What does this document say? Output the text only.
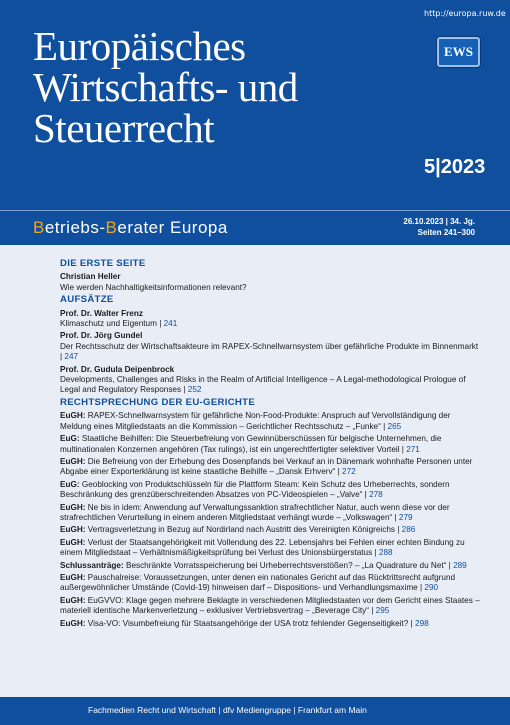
http://europa.ruw.de
EWS
Europäisches
Wirtschafts- und
Steuerrecht
5|2023
Betriebs-Berater Europa	26.10.2023 | 34. Jg.
Seiten 241–300
DIE ERSTE SEITE
Christian Heller
Wie werden Nachhaltigkeitsinformationen relevant?
AUFSÄTZE
Prof. Dr. Walter Frenz
Klimaschutz und Eigentum | 241
Prof. Dr. Jörg Gundel
Der Rechtsschutz der Wirtschaftsakteure im RAPEX-Schnellwarnsystem über gefährliche Produkte im Binnenmarkt | 247
Prof. Dr. Gudula Deipenbrock
Developments, Challenges and Risks in the Realm of Artificial Intelligence – A Legal-methodological Prologue of Legal and Regulatory Responses | 252
RECHTSPRECHUNG DER EU-GERICHTE
EuGH: RAPEX-Schnellwarnsystem für gefährliche Non-Food-Produkte: Anspruch auf Vervollständigung der Meldung eines Mitgliedstaats an die Kommission – Gerichtlicher Rechtsschutz – „Funke“ | 265
EuG: Staatliche Beihilfen: Die Steuerbefreiung von Gewinnüberschüssen für belgische Unternehmen, die multinationalen Konzernen angehören (Tax rulings), ist ein ungerechtfertigter selektiver Vorteil | 271
EuGH: Die Befreiung von der Erhebung des Dosenpfands bei Verkauf an in Dänemark wohnhafte Personen unter Abgabe einer Exporterklärung ist keine staatliche Beihilfe – „Dansk Erhverv“ | 272
EuG: Geoblocking von Produktschlüsseln für die Plattform Steam: Kein Schutz des Urheberrechts, sondern Beschränkung des grenzüberschreitenden Absatzes von PC-Videospielen – „Valve“ | 278
EuGH: Ne bis in idem: Anwendung auf Verwaltungssanktion strafrechtlicher Natur, auch wenn diese vor der strafrechtlichen Verurteilung in einem anderen Mitgliedstaat verhängt wurde – „Volkswagen“ | 279
EuGH: Vertragsverletzung in Bezug auf Nordirland nach Austritt des Vereinigten Königreichs | 286
EuGH: Verlust der Staatsangehörigkeit mit Vollendung des 22. Lebensjahrs bei Fehlen einer echten Bindung zu einem Mitgliedstaat – Verhältnismäßigkeitsprüfung bei Verlust des Unionsbürgerstatus | 288
Schlussanträge: Beschränkte Vorratsspeicherung bei Urheberrechtsverstößen? – „La Quadrature du Net“ | 289
EuGH: Pauschalreise: Voraussetzungen, unter denen ein nationales Gericht auf das Rücktrittsrecht aufgrund außergewöhnlicher Umstände (Covid-19) hinweisen darf – Dispositions- und Verhandlungsmaxime | 290
EuGH: EuGVVO: Klage gegen mehrere Beklagte in verschiedenen Mitgliedstaaten vor dem Gericht eines Staates – materiell identische Markenverletzung – exklusiver Vertriebsvertrag – „Beverage City“ | 295
EuGH: Visa-VO: Visumbefreiung für Staatsangehörige der USA trotz fehlender Gegenseitigkeit? | 298
Fachmedien Recht und Wirtschaft | dfv Mediengruppe | Frankfurt am Main
